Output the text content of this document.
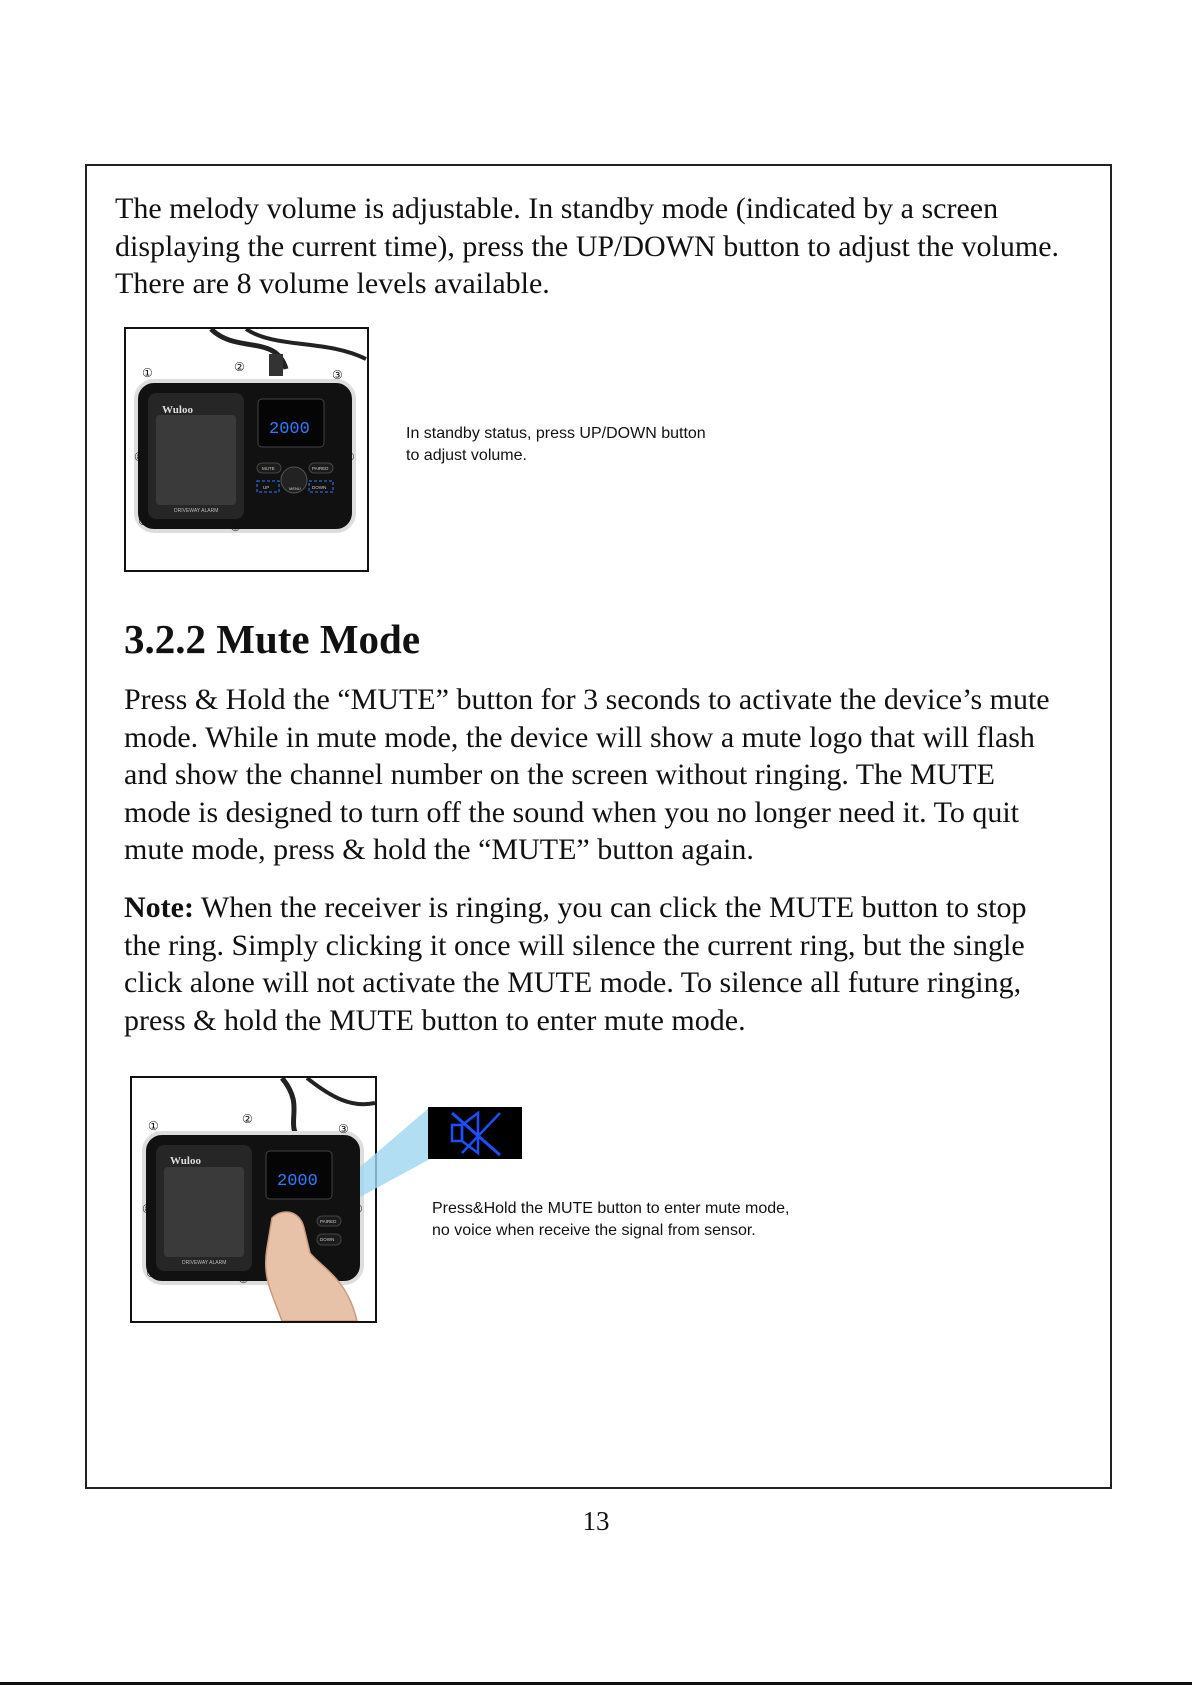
The melody volume is adjustable. In standby mode (indicated by a screen
displaying the current time), press the UP/DOWN button to adjust the volume.
There are 8 volume levels available.
Wuloo
DRIVEWAY ALARM
2000
MENU
MUTE	PAIRED
UP	DOWN
①	②
③
④
⑤
⑥
⑦
⑧
In standby status, press UP/DOWN button
to adjust volume.
3.2.2 Mute Mode
Press & Hold the “MUTE” button for 3 seconds to activate the device’s mute
mode. While in mute mode, the device will show a mute logo that will flash
and show the channel number on the screen without ringing. The MUTE
mode is designed to turn off the sound when you no longer need it. To quit
mute mode, press & hold the “MUTE” button again.
Note: When the receiver is ringing, you can click the MUTE button to stop
the ring. Simply clicking it once will silence the current ring, but the single
click alone will not activate the MUTE mode. To silence all future ringing,
press & hold the MUTE button to enter mute mode.
Wuloo
DRIVEWAY ALARM
2000
PAIRED
DOWN
①	②
③
④
⑤
⑥
⑦
⑧	Press&Hold the MUTE button to enter mute mode,
no voice when receive the signal from sensor.
13
